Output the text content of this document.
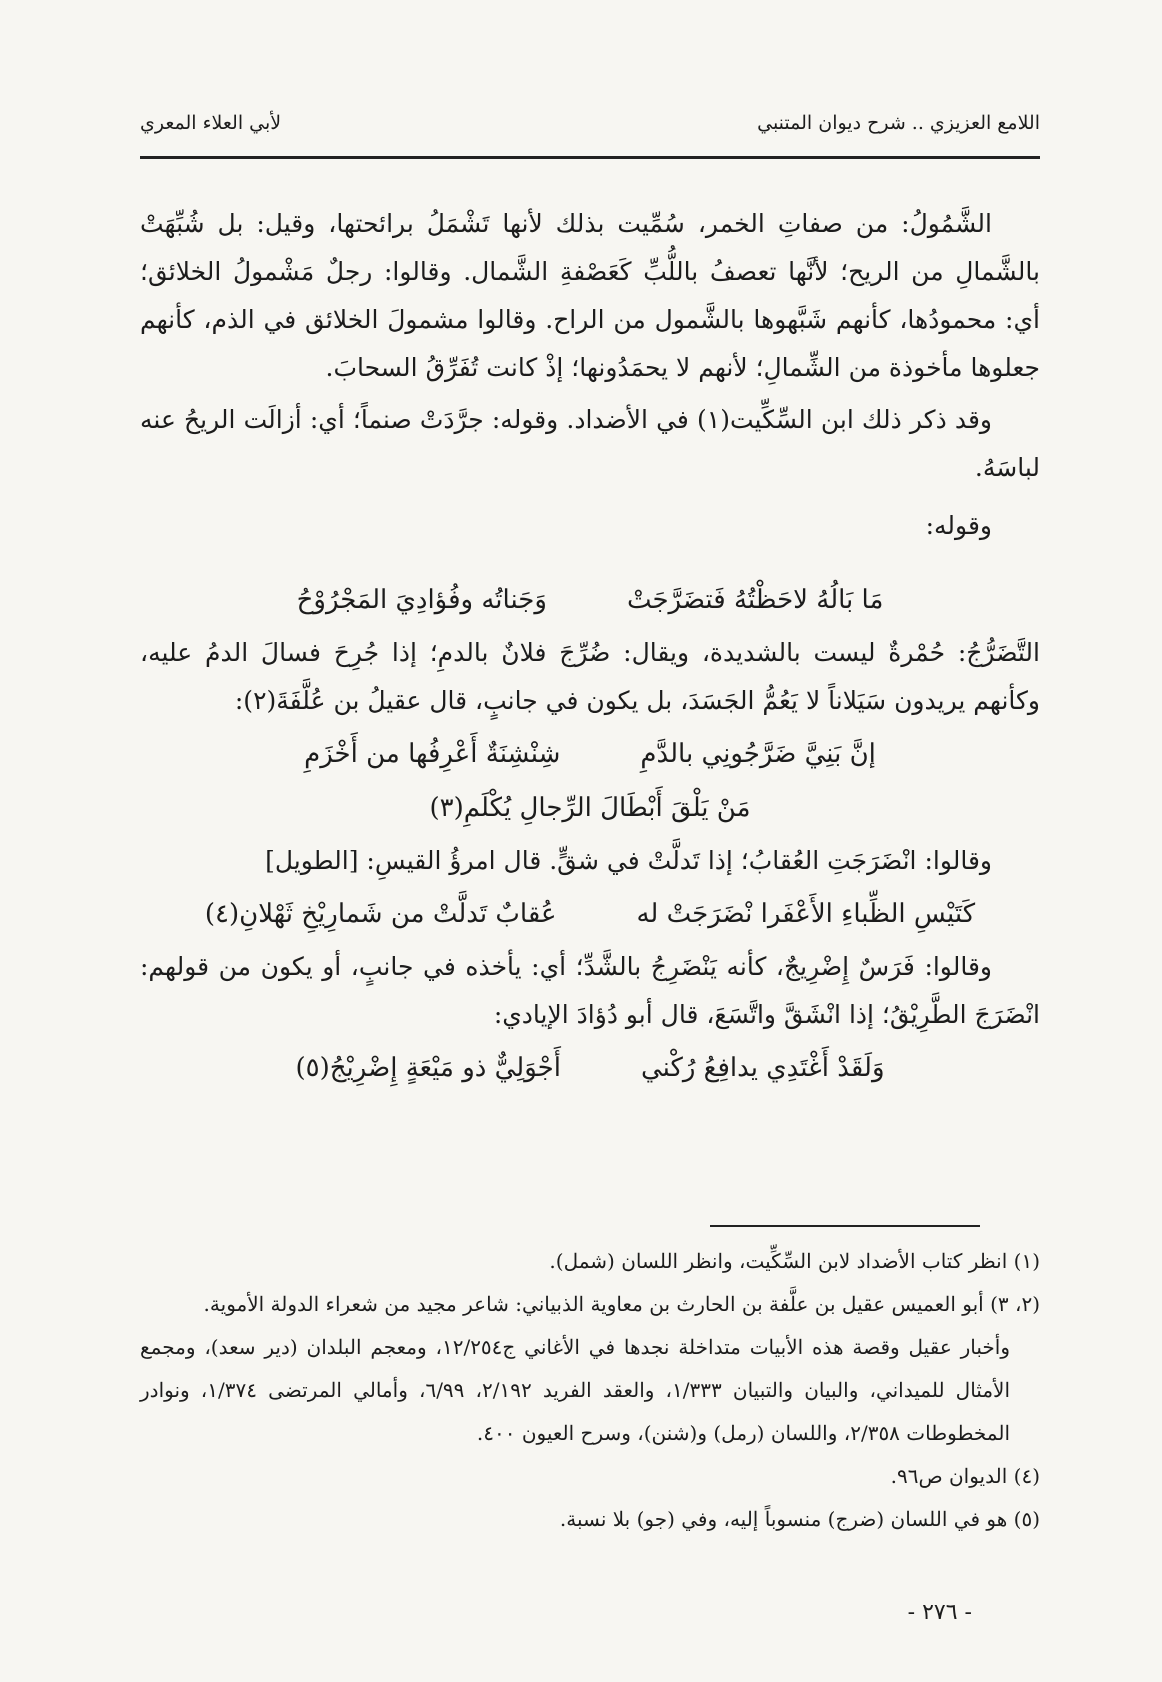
اللامع العزيزي .. شرح ديوان المتنبي
لأبي العلاء المعري

الشَّمُولُ: من صفاتِ الخمر، سُمِّيت بذلك لأنها تَشْمَلُ برائحتها، وقيل: بل شُبِّهَتْ بالشَّمالِ من الريح؛ لأنَّها تعصفُ باللُّبِّ كَعَصْفةِ الشَّمال. وقالوا: رجلٌ مَشْمولُ الخلائق؛ أي: محمودُها، كأنهم شَبَّهوها بالشَّمول من الراح. وقالوا مشمولَ الخلائق في الذم، كأنهم جعلوها مأخوذة من الشِّمالِ؛ لأنهم لا يحمَدُونها؛ إذْ كانت تُفَرِّقُ السحابَ.

وقد ذكر ذلك ابن السِّكِّيت(١) في الأضداد. وقوله: جرَّدَتْ صنماً؛ أي: أزالَت الريحُ عنه لباسَهُ.

وقوله:

مَا بَالُهُ لاحَظْتُهُ فَتضَرَّجَتْ
وَجَناتُه وفُؤادِيَ المَجْرُوْحُ

التَّضَرُّجُ: حُمْرةٌ ليست بالشديدة، ويقال: ضُرِّجَ فلانٌ بالدمِ؛ إذا جُرِحَ فسالَ الدمُ عليه، وكأنهم يريدون سَيَلاناً لا يَعُمُّ الجَسَدَ، بل يكون في جانبٍ، قال عقيلُ بن عُلَّفَةَ(٢):

إنَّ بَنِيَّ ضَرَّجُونِي بالدَّمِ
شِنْشِنَةٌ أَعْرِفُها من أَخْزَمِ
مَنْ يَلْقَ أَبْطَالَ الرِّجالِ يُكْلَمِ(٣)

وقالوا: انْضَرَجَتِ العُقابُ؛ إذا تَدلَّتْ في شقٍّ. قال امرؤُ القيسِ: [الطويل]

كَتَيْسِ الظِّباءِ الأَعْفَرا نْضَرَجَتْ له
عُقابٌ تَدلَّتْ من شَمارِيْخِ ثَهْلانِ(٤)

وقالوا: فَرَسٌ إِضْرِيجٌ، كأنه يَنْضَرِجُ بالشَّدِّ؛ أي: يأخذه في جانبٍ، أو يكون من قولهم: انْضَرَجَ الطَّرِيْقُ؛ إذا انْشَقَّ واتَّسَعَ، قال أبو دُؤادَ الإيادي:

وَلَقَدْ أَغْتَدِي يدافِعُ رُكْني
أَجْوَلِيٌّ ذو مَيْعَةٍ إِضْرِيْجُ(٥)

(١) انظر كتاب الأضداد لابن السِّكِّيت، وانظر اللسان (شمل).

(٢، ٣) أبو العميس عقيل بن علَّفة بن الحارث بن معاوية الذبياني: شاعر مجيد من شعراء الدولة الأموية.

وأخبار عقيل وقصة هذه الأبيات متداخلة نجدها في الأغاني ج١٢/٢٥٤، ومعجم البلدان (دير سعد)، ومجمع الأمثال للميداني، والبيان والتبيان ١/٣٣٣، والعقد الفريد ٢/١٩٢، ٦/٩٩، وأمالي المرتضى ١/٣٧٤، ونوادر المخطوطات ٢/٣٥٨، واللسان (رمل) و(شنن)، وسرح العيون ٤٠٠.

(٤) الديوان ص٩٦.

(٥) هو في اللسان (ضرج) منسوباً إليه، وفي (جو) بلا نسبة.

- ٢٧٦ -
